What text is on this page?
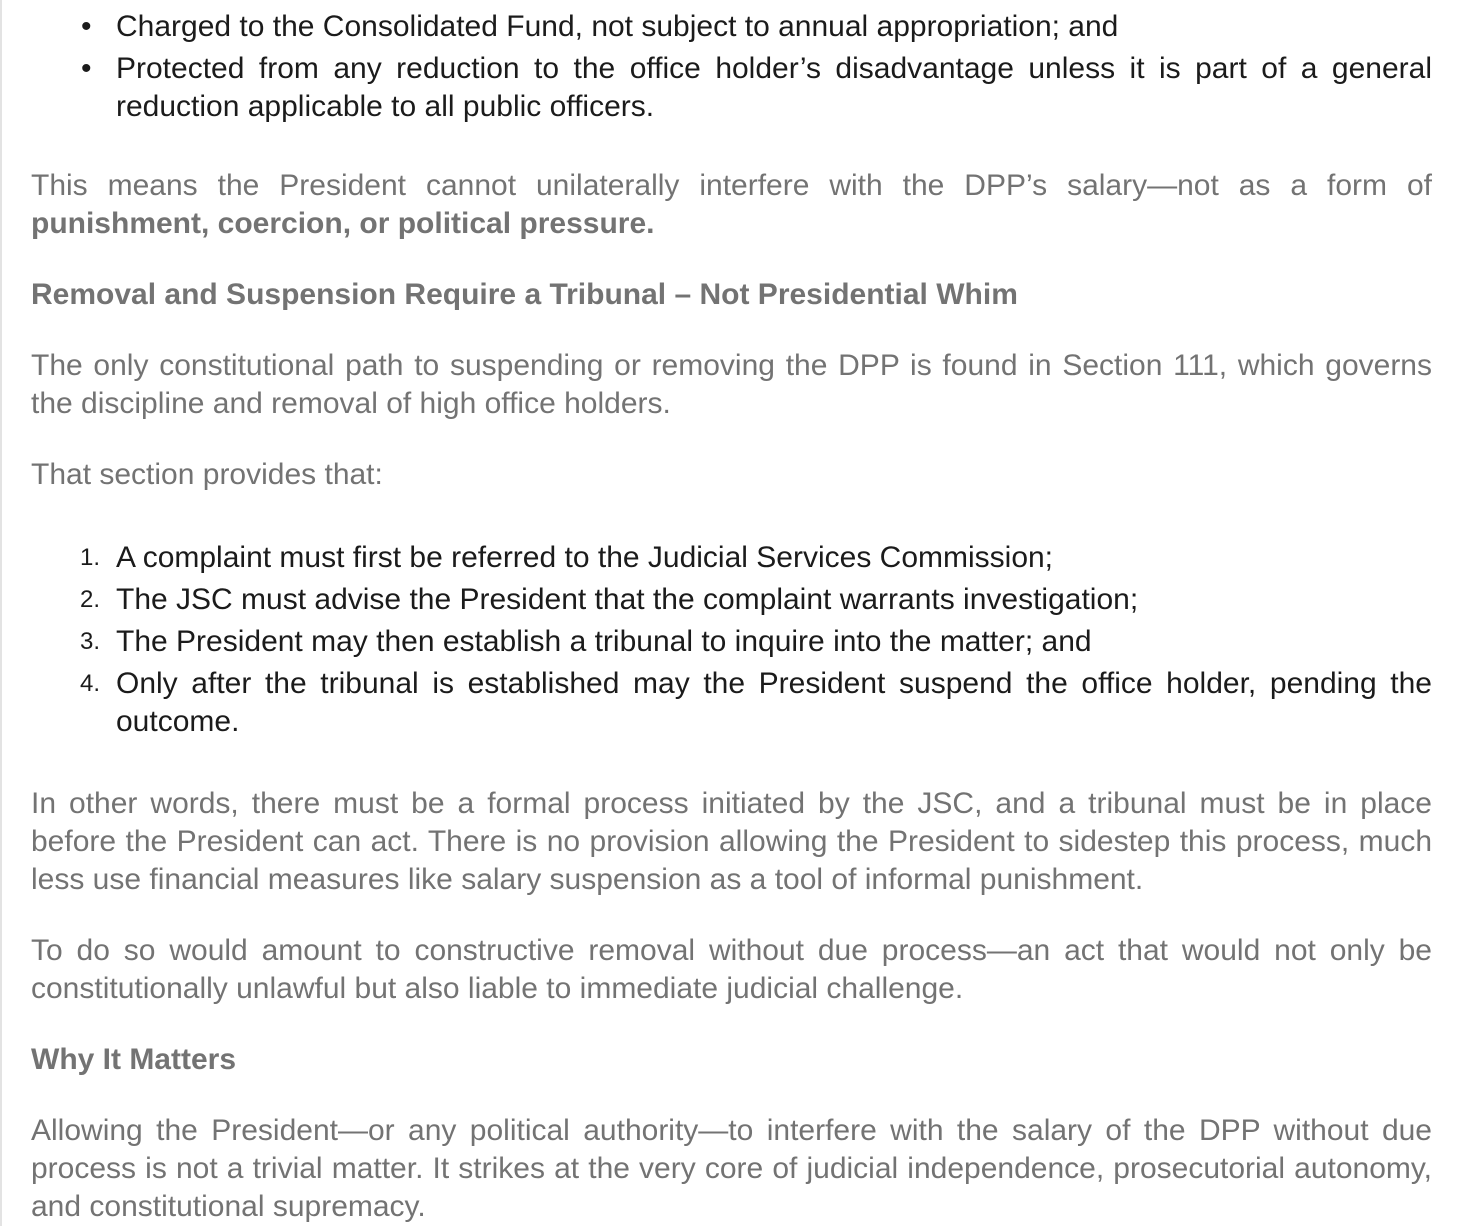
• Charged to the Consolidated Fund, not subject to annual appropriation; and
• Protected from any reduction to the office holder’s disadvantage unless it is part of a general reduction applicable to all public officers.

This means the President cannot unilaterally interfere with the DPP’s salary—not as a form of punishment, coercion, or political pressure.

Removal and Suspension Require a Tribunal – Not Presidential Whim

The only constitutional path to suspending or removing the DPP is found in Section 111, which governs the discipline and removal of high office holders.

That section provides that:

1. A complaint must first be referred to the Judicial Services Commission;
2. The JSC must advise the President that the complaint warrants investigation;
3. The President may then establish a tribunal to inquire into the matter; and
4. Only after the tribunal is established may the President suspend the office holder, pending the outcome.

In other words, there must be a formal process initiated by the JSC, and a tribunal must be in place before the President can act. There is no provision allowing the President to sidestep this process, much less use financial measures like salary suspension as a tool of informal punishment.

To do so would amount to constructive removal without due process—an act that would not only be constitutionally unlawful but also liable to immediate judicial challenge.

Why It Matters

Allowing the President—or any political authority—to interfere with the salary of the DPP without due process is not a trivial matter. It strikes at the very core of judicial independence, prosecutorial autonomy, and constitutional supremacy.
